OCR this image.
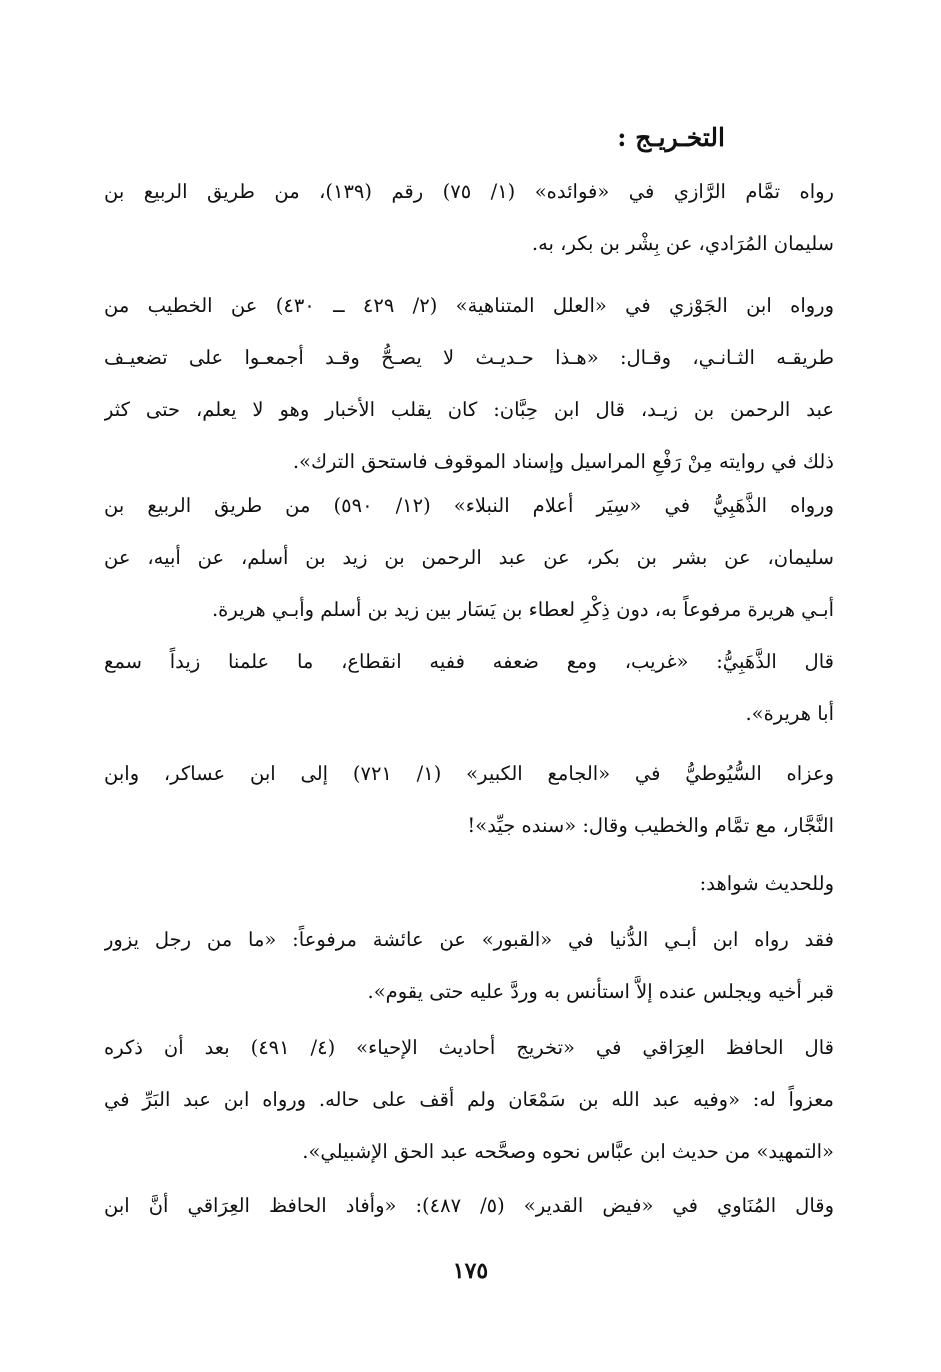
التخـريـج :
رواه تمَّام الرَّازي في «فوائده» (١/ ٧٥) رقم (١٣٩)، من طريق الربيع بن
سليمان المُرَادي، عن بِشْر بن بكر، به.
ورواه ابن الجَوْزي في «العلل المتناهية» (٢/ ٤٢٩ ــ ٤٣٠) عن الخطيب من
طريقـه الثـانـي، وقـال: «هـذا حـديـث لا يصـحُّ وقـد أجمعـوا على تضعيـف
عبد الرحمن بن زيـد، قال ابن حِبَّان: كان يقلب الأخبار وهو لا يعلم، حتى كثر
ذلك في روايته مِنْ رَفْعِ المراسيل وإسناد الموقوف فاستحق الترك».
ورواه الذَّهَبِيُّ في «سِيَر أعلام النبلاء» (١٢/ ٥٩٠) من طريق الربيع بن
سليمان، عن بشر بن بكر، عن عبد الرحمن بن زيد بن أسلم، عن أبيه، عن
أبـي هريرة مرفوعاً به، دون ذِكْرِ لعطاء بن يَسَار بين زيد بن أسلم وأبـي هريرة.
قال الذَّهَبِيُّ: «غريب، ومع ضعفه ففيه انقطاع، ما علمنا زيداً سمع
أبا هريرة».
وعزاه السُّيُوطيُّ في «الجامع الكبير» (١/ ٧٢١) إلى ابن عساكر، وابن
النَّجَّار، مع تمَّام والخطيب وقال: «سنده جيِّد»!
وللحديث شواهد:
فقد رواه ابن أبـي الدُّنيا في «القبور» عن عائشة مرفوعاً: «ما من رجل يزور
قبر أخيه ويجلس عنده إلاَّ استأنس به وردَّ عليه حتى يقوم».
قال الحافظ العِرَاقي في «تخريج أحاديث الإحياء» (٤/ ٤٩١) بعد أن ذكره
معزواً له: «وفيه عبد الله بن سَمْعَان ولم أقف على حاله. ورواه ابن عبد البَرِّ في
«التمهيد» من حديث ابن عبَّاس نحوه وصحَّحه عبد الحق الإشبيلي».
وقال المُنَاوي في «فيض القدير» (٥/ ٤٨٧): «وأفاد الحافظ العِرَاقي أنَّ ابن
١٧٥
